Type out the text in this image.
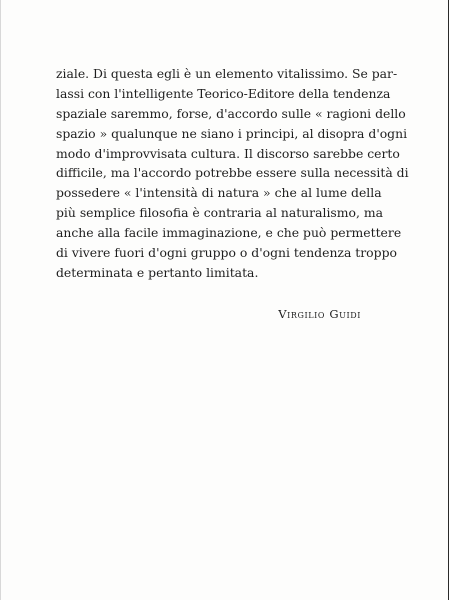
ziale. Di questa egli è un elemento vitalissimo. Se par-
lassi con l'intelligente Teorico-Editore della tendenza
spaziale saremmo, forse, d'accordo sulle « ragioni dello
spazio » qualunque ne siano i principi, al disopra d'ogni
modo d'improvvisata cultura. Il discorso sarebbe certo
difficile, ma l'accordo potrebbe essere sulla necessità di
possedere « l'intensità di natura » che al lume della
più semplice filosofia è contraria al naturalismo, ma
anche alla facile immaginazione, e che può permettere
di vivere fuori d'ogni gruppo o d'ogni tendenza troppo
determinata e pertanto limitata.
Virgilio Guidi
